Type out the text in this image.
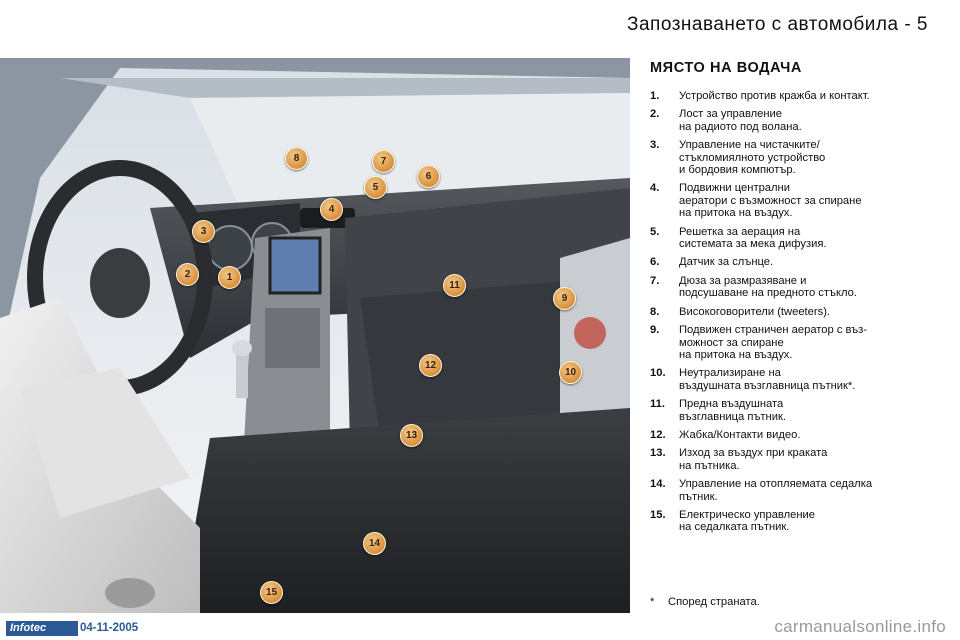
Запознаването с автомобила - 5
8	7
6
5
4
3
2	1
11
9
12
10
13
14
15
МЯСТО НА ВОДАЧА
1.	Устройство против кражба и контакт.
2.	Лост за управление
на радиото под волана.
3.	Управление на чистачките/
стъкломиялното устройство
и бордовия компютър.
4.	Подвижни централни
аератори с възможност за спиране
на притока на въздух.
5.	Решетка за аерация на
системата за мека дифузия.
6.	Датчик за слънце.
7.	Дюза за размразяване и
подсушаване на предното стъкло.
8.	Високоговорители (tweeters).
9.	Подвижен страничен аератор с въз-
можност за спиране
на притока на въздух.
10.	Неутрализиране на
въздушната възглавница пътник*.
11.	Предна въздушната
възглавница пътник.
12.	Жабка/Контакти видео.
13.	Изход за въздух при краката
на пътника.
14.	Управление на отопляемата седалка
пътник.
15.	Електрическо управление
на седалката пътник.
* Според страната.
Infotec	04-11-2005	carmanualsonline.info
